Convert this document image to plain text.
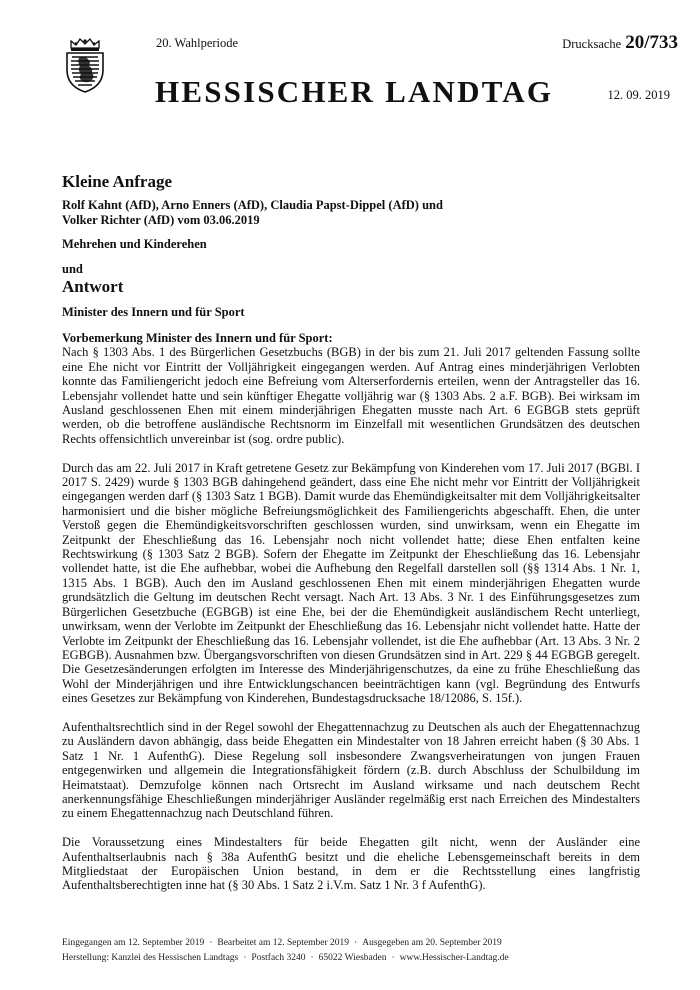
20. Wahlperiode	Drucksache 20/733
HESSISCHER LANDTAG	12. 09. 2019
Kleine Anfrage
Rolf Kahnt (AfD), Arno Enners (AfD), Claudia Papst-Dippel (AfD) und
Volker Richter (AfD) vom 03.06.2019
Mehrehen und Kinderehen
und
Antwort
Minister des Innern und für Sport

Vorbemerkung Minister des Innern und für Sport:
Nach § 1303 Abs. 1 des Bürgerlichen Gesetzbuchs (BGB) in der bis zum 21. Juli 2017 geltenden Fassung sollte eine Ehe nicht vor Eintritt der Volljährigkeit eingegangen werden. Auf Antrag eines minderjährigen Verlobten konnte das Familiengericht jedoch eine Befreiung vom Alterserfordernis erteilen, wenn der Antragsteller das 16. Lebensjahr vollendet hatte und sein künftiger Ehegatte volljährig war (§ 1303 Abs. 2 a.F. BGB). Bei wirksam im Ausland geschlossenen Ehen mit einem minderjährigen Ehegatten musste nach Art. 6 EGBGB stets geprüft werden, ob die betroffene ausländische Rechtsnorm im Einzelfall mit wesentlichen Grundsätzen des deutschen Rechts offensichtlich unvereinbar ist (sog. ordre public).

Durch das am 22. Juli 2017 in Kraft getretene Gesetz zur Bekämpfung von Kinderehen vom 17. Juli 2017 (BGBl. I 2017 S. 2429) wurde § 1303 BGB dahingehend geändert, dass eine Ehe nicht mehr vor Eintritt der Volljährigkeit eingegangen werden darf (§ 1303 Satz 1 BGB). Damit wurde das Ehemündigkeitsalter mit dem Volljährigkeitsalter harmonisiert und die bisher mögliche Befreiungsmöglichkeit des Familiengerichts abgeschafft. Ehen, die unter Verstoß gegen die Ehemündigkeitsvorschriften geschlossen wurden, sind unwirksam, wenn ein Ehegatte im Zeitpunkt der Eheschließung das 16. Lebensjahr noch nicht vollendet hatte; diese Ehen entfalten keine Rechtswirkung (§ 1303 Satz 2 BGB). Sofern der Ehegatte im Zeitpunkt der Eheschließung das 16. Lebensjahr vollendet hatte, ist die Ehe aufhebbar, wobei die Aufhebung den Regelfall darstellen soll (§§ 1314 Abs. 1 Nr. 1, 1315 Abs. 1 BGB). Auch den im Ausland geschlossenen Ehen mit einem minderjährigen Ehegatten wurde grundsätzlich die Geltung im deutschen Recht versagt. Nach Art. 13 Abs. 3 Nr. 1 des Einführungsgesetzes zum Bürgerlichen Gesetzbuche (EGBGB) ist eine Ehe, bei der die Ehemündigkeit ausländischem Recht unterliegt, unwirksam, wenn der Verlobte im Zeitpunkt der Eheschließung das 16. Lebensjahr nicht vollendet hatte. Hatte der Verlobte im Zeitpunkt der Eheschließung das 16. Lebensjahr vollendet, ist die Ehe aufhebbar (Art. 13 Abs. 3 Nr. 2 EGBGB). Ausnahmen bzw. Übergangsvorschriften von diesen Grundsätzen sind in Art. 229 § 44 EGBGB geregelt. Die Gesetzesänderungen erfolgten im Interesse des Minderjährigenschutzes, da eine zu frühe Eheschließung das Wohl der Minderjährigen und ihre Entwicklungschancen beeinträchtigen kann (vgl. Begründung des Entwurfs eines Gesetzes zur Bekämpfung von Kinderehen, Bundestagsdrucksache 18/12086, S. 15f.).

Aufenthaltsrechtlich sind in der Regel sowohl der Ehegattennachzug zu Deutschen als auch der Ehegattennachzug zu Ausländern davon abhängig, dass beide Ehegatten ein Mindestalter von 18 Jahren erreicht haben (§ 30 Abs. 1 Satz 1 Nr. 1 AufenthG). Diese Regelung soll insbesondere Zwangsverheiratungen von jungen Frauen entgegenwirken und allgemein die Integrationsfähigkeit fördern (z.B. durch Abschluss der Schulbildung im Heimatstaat). Demzufolge können nach Ortsrecht im Ausland wirksame und nach deutschem Recht anerkennungsfähige Eheschließungen minderjähriger Ausländer regelmäßig erst nach Erreichen des Mindestalters zu einem Ehegattennachzug nach Deutschland führen.

Die Voraussetzung eines Mindestalters für beide Ehegatten gilt nicht, wenn der Ausländer eine Aufenthaltserlaubnis nach § 38a AufenthG besitzt und die eheliche Lebensgemeinschaft bereits in dem Mitgliedstaat der Europäischen Union bestand, in dem er die Rechtsstellung eines langfristig Aufenthaltsberechtigten inne hat (§ 30 Abs. 1 Satz 2 i.V.m. Satz 1 Nr. 3 f AufenthG).

Eingegangen am 12. September 2019 · Bearbeitet am 12. September 2019 · Ausgegeben am 20. September 2019
Herstellung: Kanzlei des Hessischen Landtags · Postfach 3240 · 65022 Wiesbaden · www.Hessischer-Landtag.de
